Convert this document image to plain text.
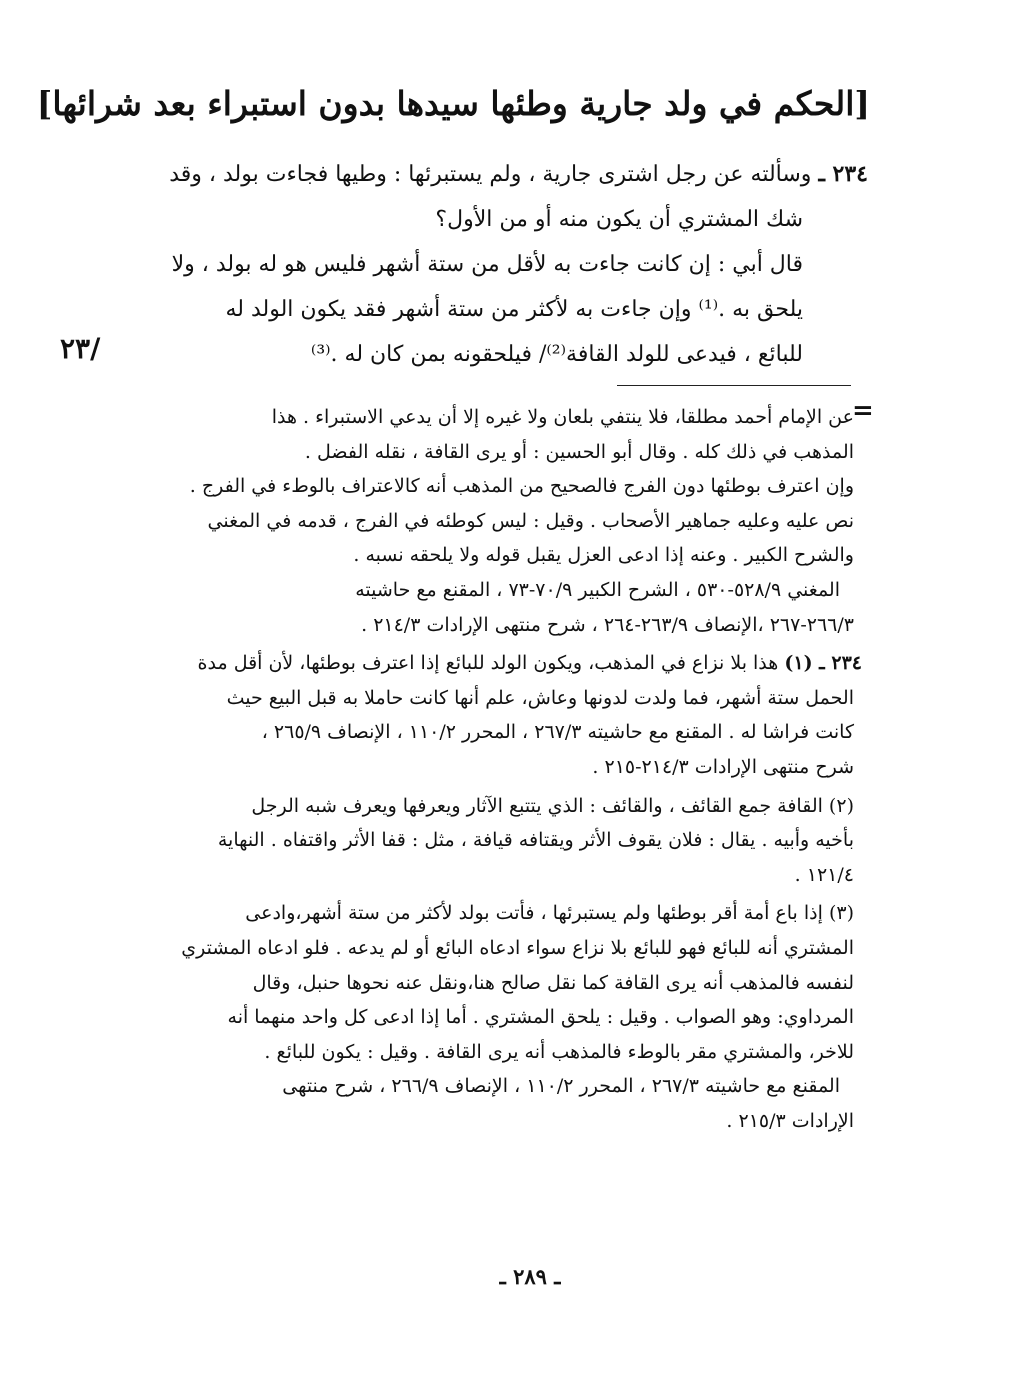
[الحكم في ولد جارية وطئها سيدها بدون استبراء بعد شرائها]
٢٣٤ ـ وسألته عن رجل اشترى جارية ، ولم يستبرئها : وطيها فجاءت بولد ، وقد
شك المشتري أن يكون منه أو من الأول؟
قال أبي : إن كانت جاءت به لأقل من ستة أشهر فليس هو له بولد ، ولا
يلحق به .⁽¹⁾ وإن جاءت به لأكثر من ستة أشهر فقد يكون الولد له
للبائع ، فيدعى للولد القافة⁽²⁾/ فيلحقونه بمن كان له .⁽³⁾
٢٣/
=
عن الإمام أحمد مطلقا، فلا ينتفي بلعان ولا غيره إلا أن يدعي الاستبراء . هذا
المذهب في ذلك كله . وقال أبو الحسين : أو يرى القافة ، نقله الفضل .
وإن اعترف بوطئها دون الفرج فالصحيح من المذهب أنه كالاعتراف بالوطء في الفرج .
نص عليه وعليه جماهير الأصحاب . وقيل : ليس كوطئه في الفرج ، قدمه في المغني
والشرح الكبير . وعنه إذا ادعى العزل يقبل قوله ولا يلحقه نسبه .
المغني ٥٢٨/٩-٥٣٠ ، الشرح الكبير ٧٠/٩-٧٣ ، المقنع مع حاشيته
٢٦٦/٣-٢٦٧ ،الإنصاف ٢٦٣/٩-٢٦٤ ، شرح منتهى الإرادات ٢١٤/٣ .
٢٣٤ ـ (١) هذا بلا نزاع في المذهب، ويكون الولد للبائع إذا اعترف بوطئها، لأن أقل مدة
الحمل ستة أشهر، فما ولدت لدونها وعاش، علم أنها كانت حاملا به قبل البيع حيث
كانت فراشا له . المقنع مع حاشيته ٢٦٧/٣ ، المحرر ١١٠/٢ ، الإنصاف ٢٦٥/٩ ،
شرح منتهى الإرادات ٢١٤/٣-٢١٥ .
(٢) القافة جمع القائف ، والقائف : الذي يتتبع الآثار ويعرفها ويعرف شبه الرجل
بأخيه وأبيه . يقال : فلان يقوف الأثر ويقتافه قيافة ، مثل : قفا الأثر واقتفاه . النهاية
١٢١/٤ .
(٣) إذا باع أمة أقر بوطئها ولم يستبرئها ، فأتت بولد لأكثر من ستة أشهر،وادعى
المشتري أنه للبائع فهو للبائع بلا نزاع سواء ادعاه البائع أو لم يدعه . فلو ادعاه المشتري
لنفسه فالمذهب أنه يرى القافة كما نقل صالح هنا،ونقل عنه نحوها حنبل، وقال
المرداوي: وهو الصواب . وقيل : يلحق المشتري . أما إذا ادعى كل واحد منهما أنه
للاخر، والمشتري مقر بالوطء فالمذهب أنه يرى القافة . وقيل : يكون للبائع .
المقنع مع حاشيته ٢٦٧/٣ ، المحرر ١١٠/٢ ، الإنصاف ٢٦٦/٩ ، شرح منتهى
الإرادات ٢١٥/٣ .
ـ ٢٨٩ ـ
